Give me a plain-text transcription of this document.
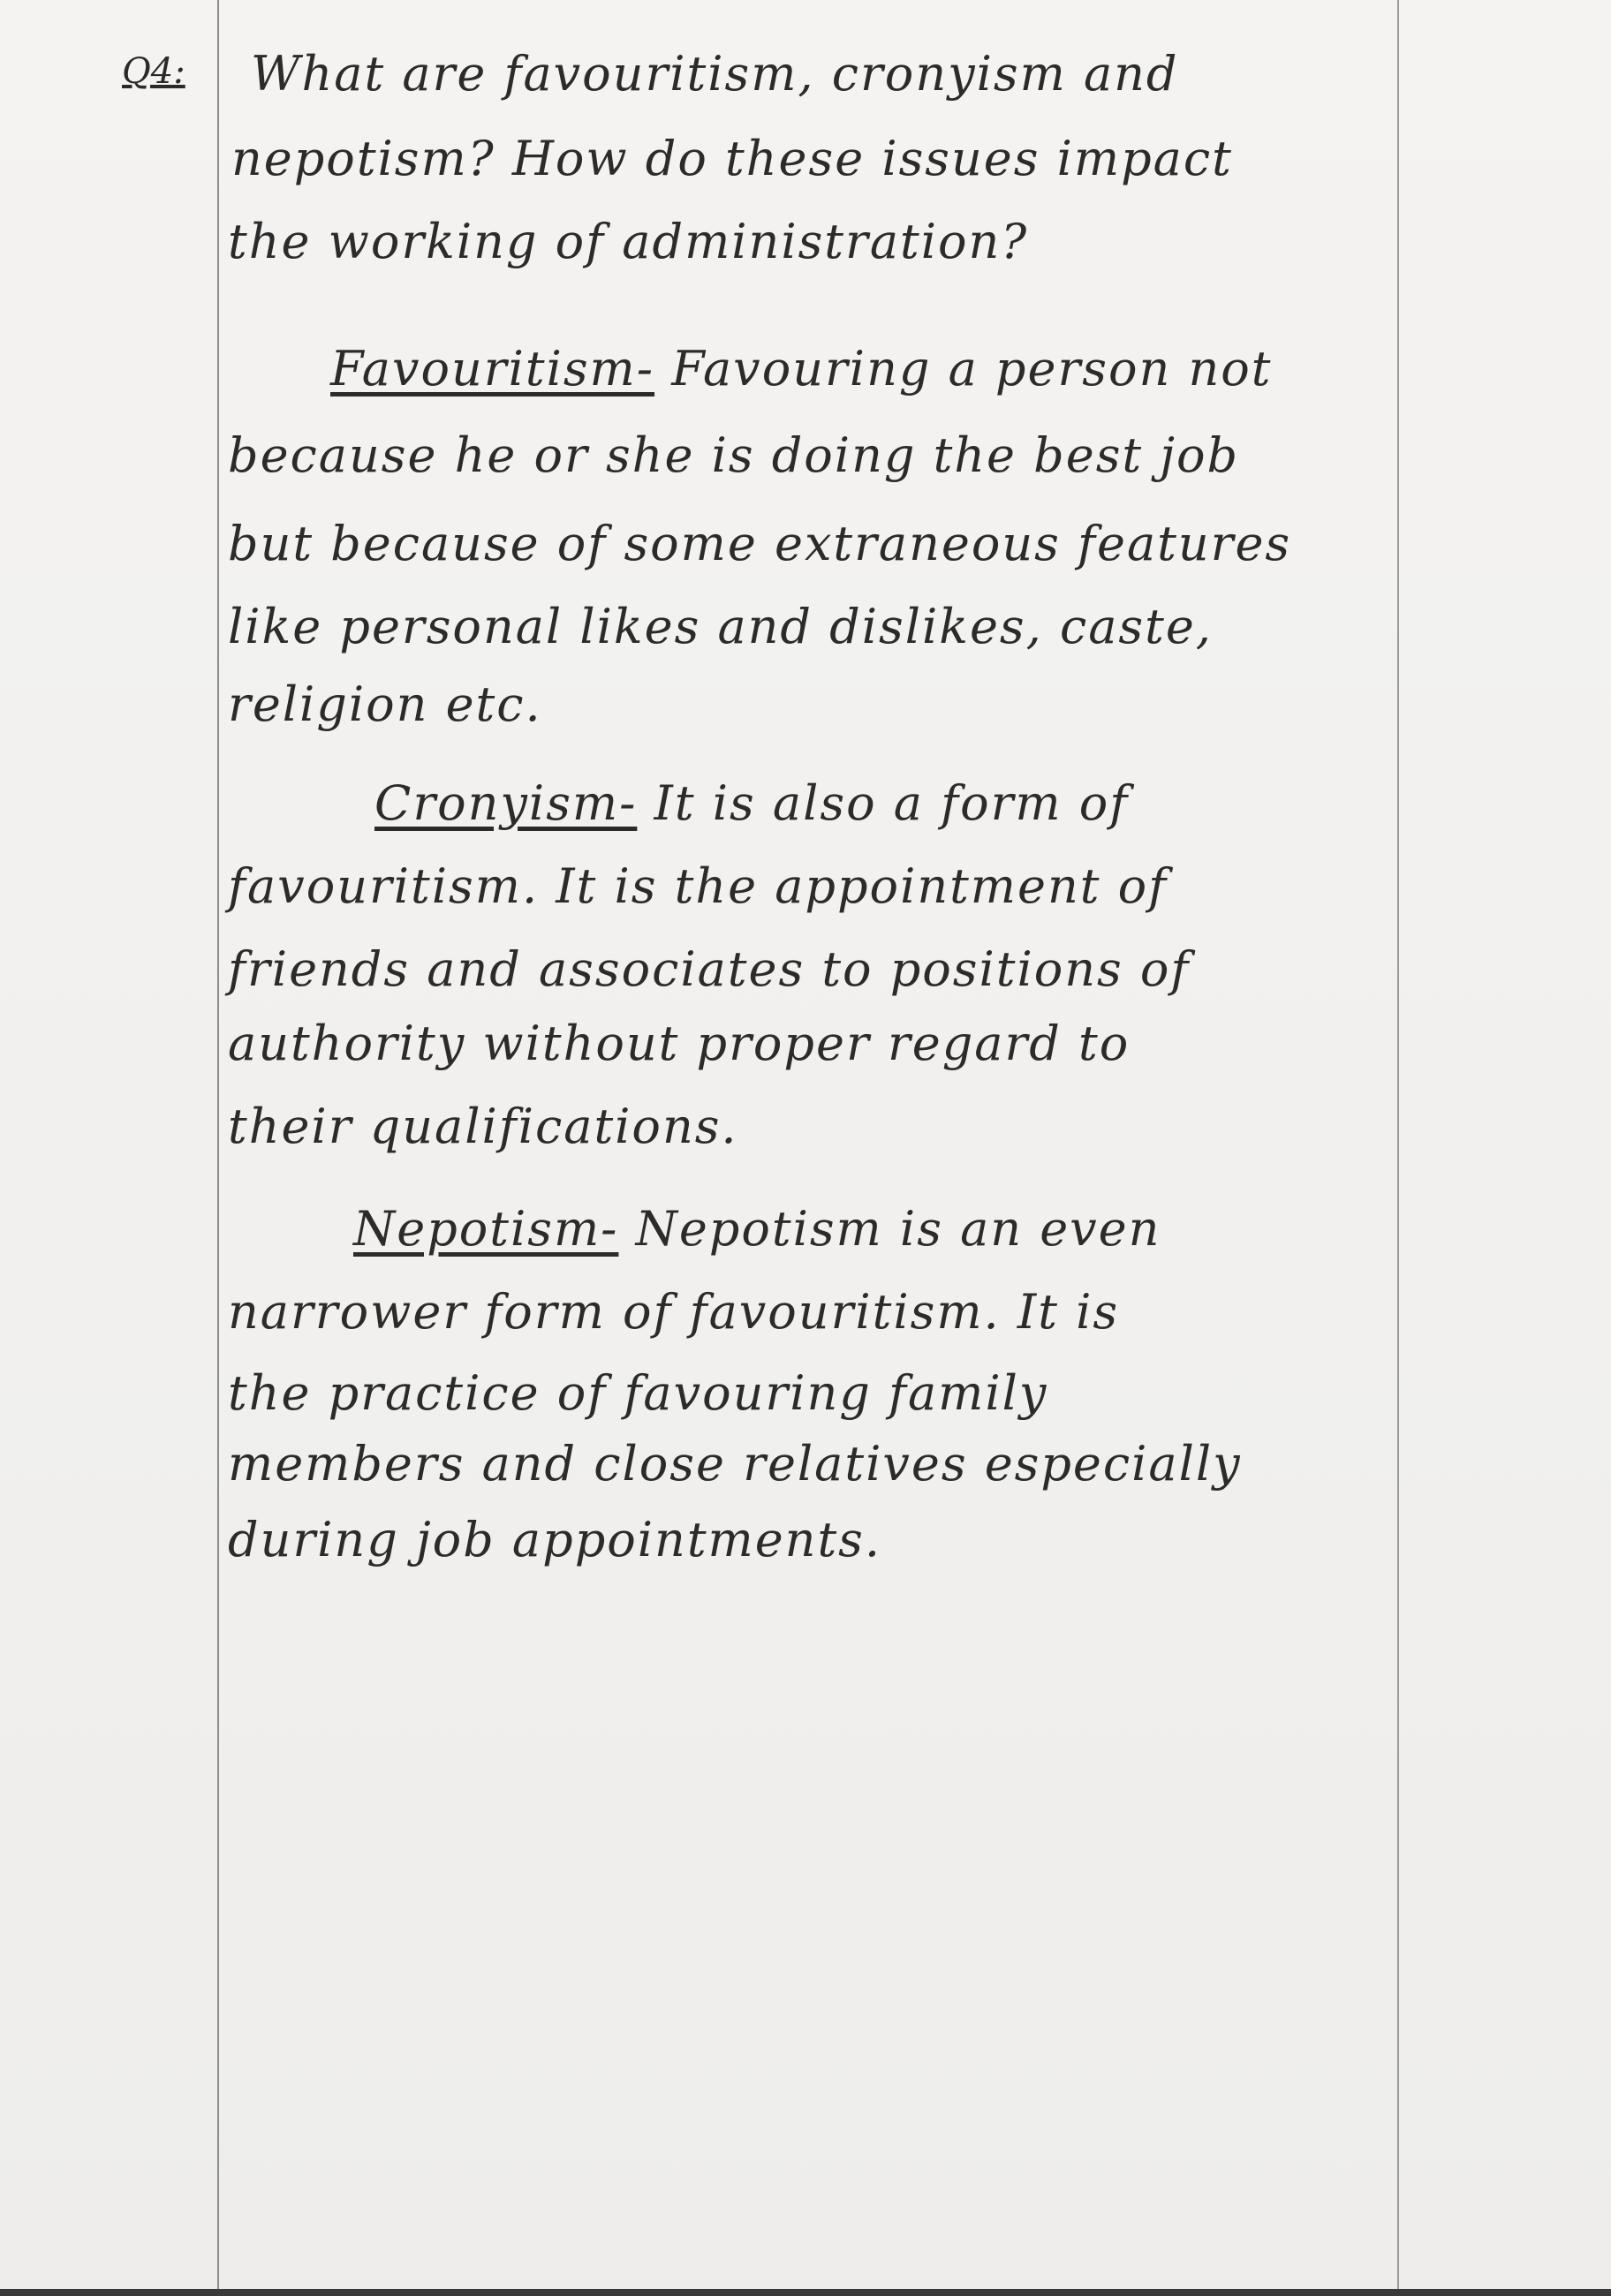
Q4: What are favouritism, cronyism and
nepotism? How do these issues impact
the working of administration?
Favouritism- Favouring a person not
because he or she is doing the best job
but because of some extraneous features
like personal likes and dislikes, caste,
religion etc.
Cronyism- It is also a form of
favouritism. It is the appointment of
friends and associates to positions of
authority without proper regard to
their qualifications.
Nepotism- Nepotism is an even
narrower form of favouritism. It is
the practice of favouring family
members and close relatives especially
during job appointments.
